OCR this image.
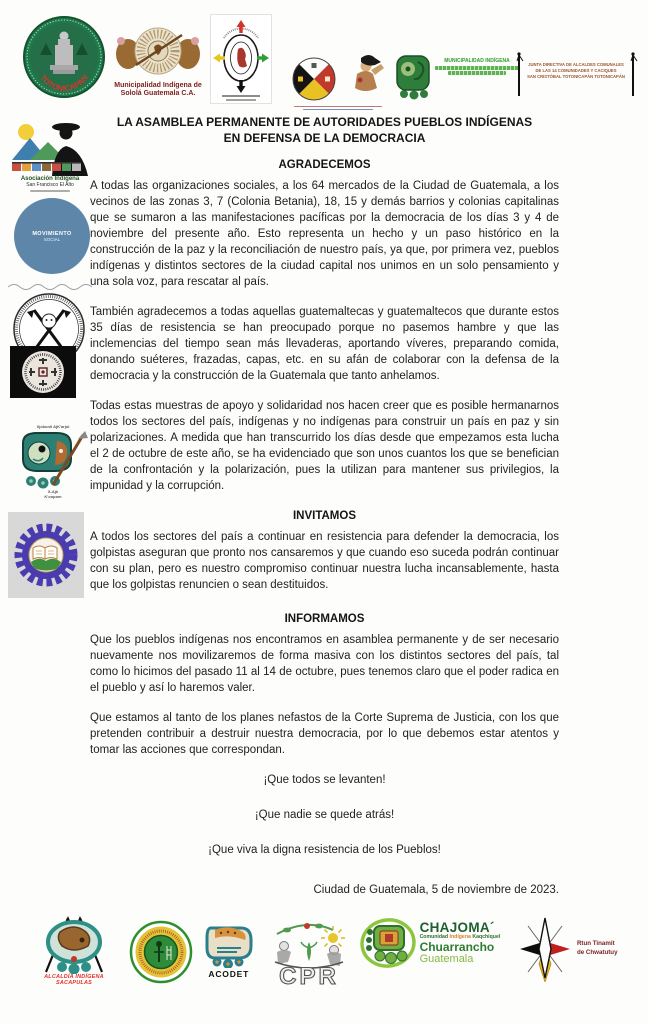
TOTONICAPAN
Municipalidad Indígena de
Sololá Guatemala C.A.
MUNICIPALIDAD INDÍGENA
JUNTA DIRECTIVA DE ALCALDES COMUNALES
DE LAS 14 COMUNIDADES Y CACIQUES
SAN CRISTÓBAL TOTONICAPÁN TOTONICAPÁN
Asociación Indígena
San Francisco El Alto
MOVIMIENTO
SOCIAL
Xjokonil AjK'arjol
X-Ajk
K'oopom
LA ASAMBLEA PERMANENTE DE AUTORIDADES PUEBLOS INDÍGENAS
EN DEFENSA DE LA DEMOCRACIA
AGRADECEMOS

A todas las organizaciones sociales, a los 64 mercados de la Ciudad de Guatemala, a los vecinos de las zonas 3, 7 (Colonia Betania), 18, 15 y demás barrios y colonias capitalinas que se sumaron a las manifestaciones pacíficas por la democracia de los días 3 y 4 de noviembre del presente año. Esto representa un hecho y un paso histórico en la construcción de la paz y la reconciliación de nuestro país, ya que, por primera vez, pueblos indígenas y distintos sectores de la ciudad capital nos unimos en un solo pensamiento y una sola voz, para rescatar al país.

También agradecemos a todas aquellas guatemaltecas y guatemaltecos que durante estos 35 días de resistencia se han preocupado porque no pasemos hambre y que las inclemencias del tiempo sean más llevaderas, aportando víveres, preparando comida, donando suéteres, frazadas, capas, etc. en su afán de colaborar con la defensa de la democracia y la construcción de la Guatemala que tanto anhelamos.

Todas estas muestras de apoyo y solidaridad nos hacen creer que es posible hermanarnos todos los sectores del país, indígenas y no indígenas para construir un país en paz y sin polarizaciones. A medida que han transcurrido los días desde que empezamos esta lucha el 2 de octubre de este año, se ha evidenciado que son unos cuantos los que se benefician de la confrontación y la polarización, pues la utilizan para mantener sus privilegios, la impunidad y la corrupción.

INVITAMOS

A todos los sectores del país a continuar en resistencia para defender la democracia, los golpistas aseguran que pronto nos cansaremos y que cuando eso suceda podrán continuar con su plan, pero es nuestro compromiso continuar nuestra lucha incansablemente, hasta que los golpistas renuncien o sean destituidos.

INFORMAMOS

Que los pueblos indígenas nos encontramos en asamblea permanente y de ser necesario nuevamente nos movilizaremos de forma masiva con los distintos sectores del país, tal como lo hicimos del pasado 11 al 14 de octubre, pues tenemos claro que el poder radica en el pueblo y así lo haremos valer.

Que estamos al tanto de los planes nefastos de la Corte Suprema de Justicia, con los que pretenden contribuir a destruir nuestra democracia, por lo que debemos estar atentos y tomar las acciones que correspondan.

¡Que todos se levanten!
¡Que nadie se quede atrás!
¡Que viva la digna resistencia de los Pueblos!
Ciudad de Guatemala, 5 de noviembre de 2023.
ALCALDÍA INDÍGENA
SACAPULAS
ACODET CPR
CHAJOMA´
Comunidad Indígena Kaqchiquel
Chuarrancho
Guatemala
Rtun Tinamit
de Chwatutuy
